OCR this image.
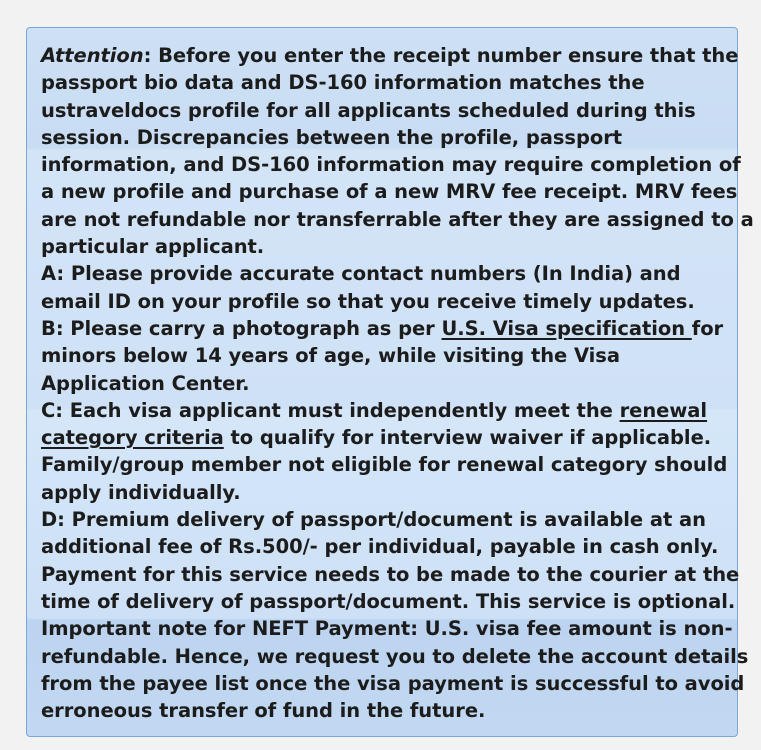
Attention: Before you enter the receipt number ensure that the

passport bio data and DS-160 information matches the

ustraveldocs profile for all applicants scheduled during this

session. Discrepancies between the profile, passport

information, and DS-160 information may require completion of

a new profile and purchase of a new MRV fee receipt. MRV fees

are not refundable nor transferrable after they are assigned to a

particular applicant.

A: Please provide accurate contact numbers (In India) and

email ID on your profile so that you receive timely updates.

B: Please carry a photograph as per U.S. Visa specification for

minors below 14 years of age, while visiting the Visa

Application Center.

C: Each visa applicant must independently meet the renewal

category criteria to qualify for interview waiver if applicable.

Family/group member not eligible for renewal category should

apply individually.

D: Premium delivery of passport/document is available at an

additional fee of Rs.500/- per individual, payable in cash only.

Payment for this service needs to be made to the courier at the

time of delivery of passport/document. This service is optional.

Important note for NEFT Payment: U.S. visa fee amount is non-

refundable. Hence, we request you to delete the account details

from the payee list once the visa payment is successful to avoid

erroneous transfer of fund in the future.
